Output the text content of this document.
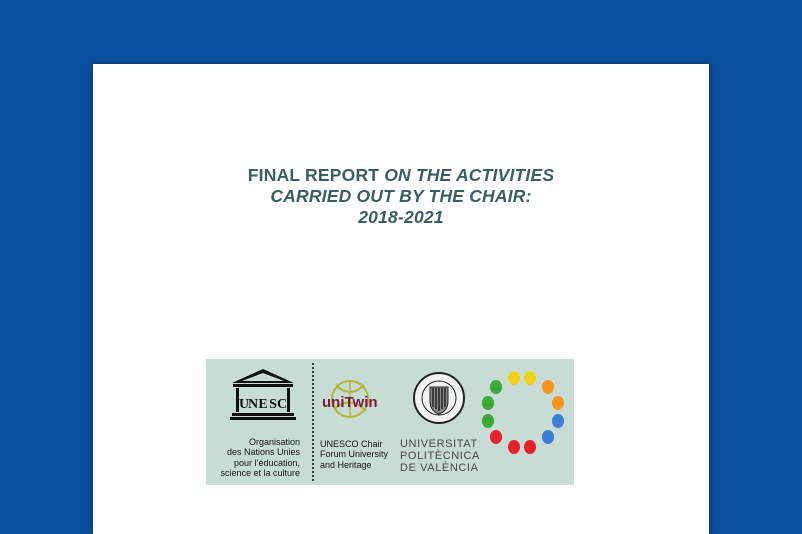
FINAL REPORT ON THE ACTIVITIES
CARRIED OUT BY THE CHAIR:
2018-2021
U
N E S C
Organisation
des Nations Unies
pour l’éducation,
science et la culture
uniTwin
UNESCO Chair
Forum University
and Heritage
UNIVERSITAT
POLITÈCNICA
DE VALÈNCIA
